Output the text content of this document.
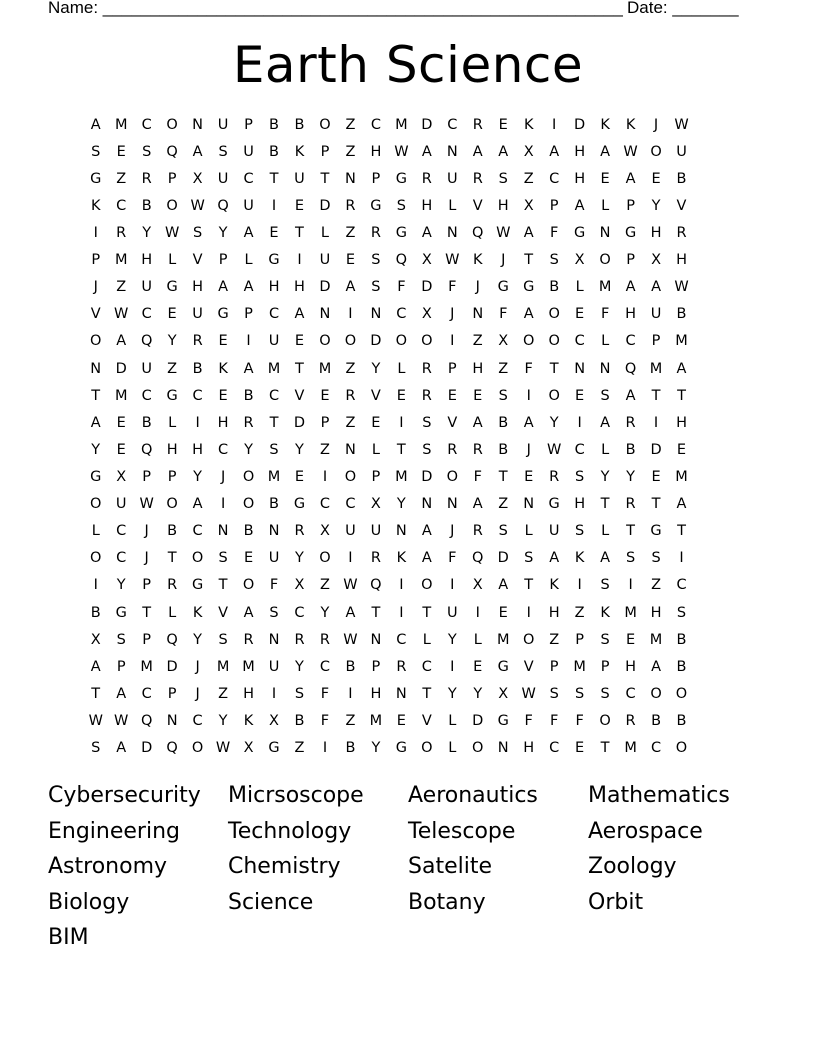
Name: _______________________________________________________ Date: _______
Earth Science
A M C	O N	U	P	B	B	O	Z	C M D	C	R	E	K	I	D	K	K	J	W
S	E	S	Q	A	S	U	B	K	P	Z	H W A	N	A	A	X	A	H	A W O U
G	Z	R	P	X	U	C	T	U	T	N	P	G	R	U	R	S	Z	C	H	E	A	E	B
K	C	B	O W Q U	I	E	D	R	G	S	H	L	V	H	X	P	A	L	P	Y	V
I	R	Y W S	Y	A	E	T	L	Z	R	G	A	N Q W A	F	G N G H	R
P	M H	L	V	P	L	G	I	U	E	S	Q	X W K	J	T	S	X	O	P	X	H
J	Z	U	G H	A	A	H	H D	A	S	F	D	F	J	G G	B	L	M A	A W
V W C	E	U	G	P	C	A	N	I	N	C	X	J	N	F	A	O	E	F	H	U	B
O	A	Q	Y	R	E	I	U	E	O O D O O	I	Z	X	O O	C	L	C	P	M
N D	U	Z	B	K	A M	T	M Z	Y	L	R	P	H	Z	F	T	N	N Q M A
T	M C	G	C	E	B	C	V	E	R	V	E	R	E	E	S	I	O	E	S	A	T	T
A	E	B	L	I	H	R	T	D	P	Z	E	I	S	V	A	B	A	Y	I	A	R	I	H
Y	E	Q H	H	C	Y	S	Y	Z	N	L	T	S	R	R	B	J	W C	L	B	D	E
G	X	P	P	Y	J	O M	E	I	O	P	M D O	F	T	E	R	S	Y	Y	E	M
O U W O	A	I	O	B	G	C	C	X	Y	N	N	A	Z	N G H	T	R	T	A
L	C	J	B	C	N	B	N	R	X	U	U	N	A	J	R	S	L	U	S	L	T	G	T
O	C	J	T	O	S	E	U	Y	O	I	R	K	A	F	Q D	S	A	K	A	S	S	I
I	Y	P	R	G	T	O	F	X	Z W Q	I	O	I	X	A	T	K	I	S	I	Z	C
B	G	T	L	K	V	A	S	C	Y	A	T	I	T	U	I	E	I	H	Z	K M H	S
X	S	P	Q	Y	S	R	N	R	R W N	C	L	Y	L	M O	Z	P	S	E	M B
A	P	M D	J	M M U	Y	C	B	P	R	C	I	E	G	V	P	M	P	H	A	B
T	A	C	P	J	Z	H	I	S	F	I	H	N	T	Y	Y	X W S	S	S	C	O O
W W Q N	C	Y	K	X	B	F	Z M	E	V	L	D G	F	F	F	O	R	B	B
S	A	D Q O W X	G	Z	I	B	Y	G O	L	O N	H	C	E	T	M C	O
Cybersecurity	Micrsoscope	Aeronautics	Mathematics
Engineering	Technology	Telescope	Aerospace
Astronomy	Chemistry	Satelite	Zoology
Biology	Science	Botany	Orbit
BIM
